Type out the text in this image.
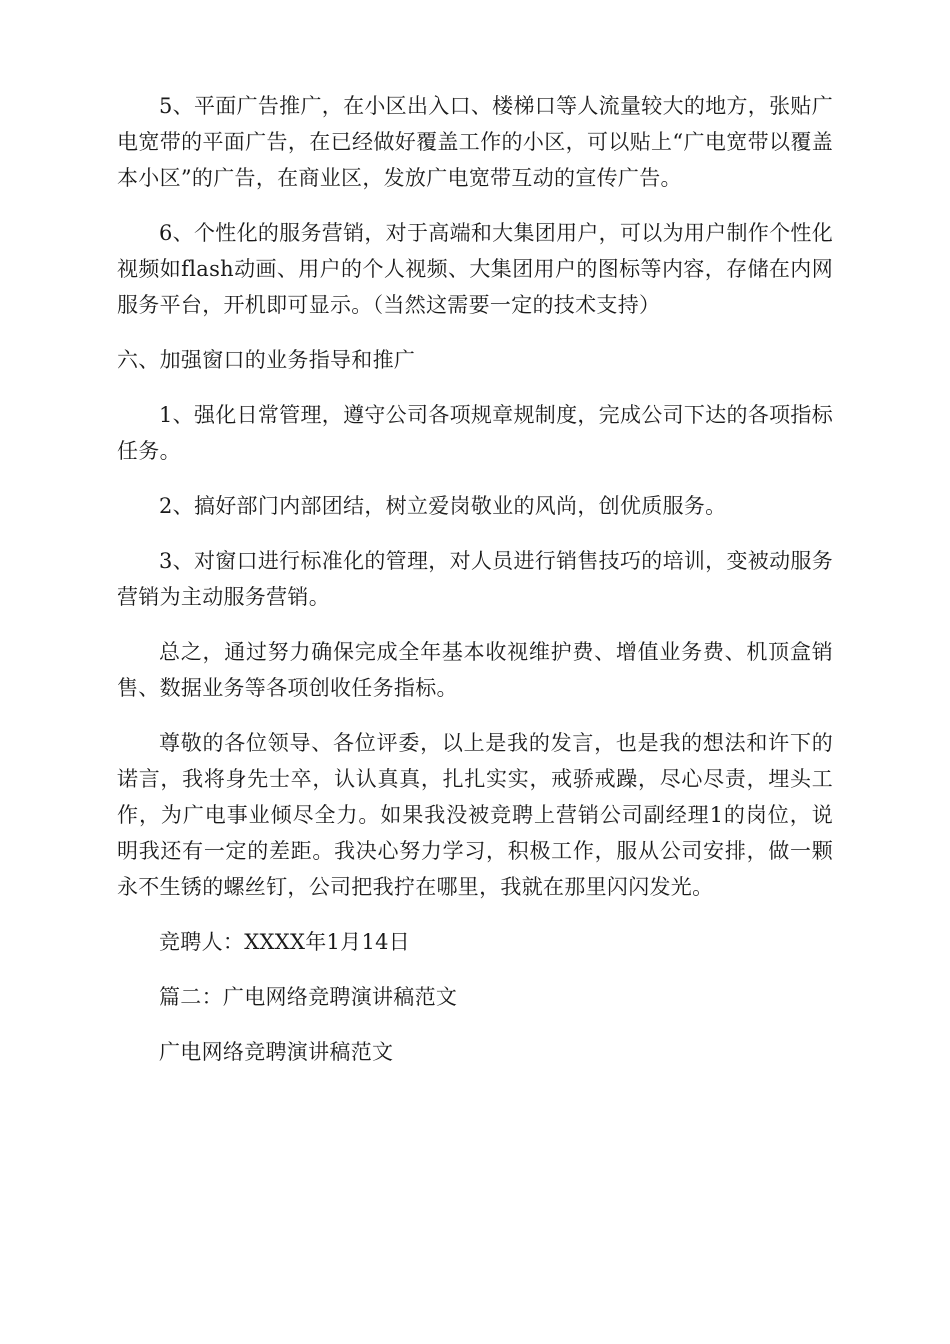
5、平面广告推广，在小区出入口、楼梯口等人流量较大的地方，张贴广电宽带的平面广告，在已经做好覆盖工作的小区，可以贴上“广电宽带以覆盖本小区”的广告，在商业区，发放广电宽带互动的宣传广告。

6、个性化的服务营销，对于高端和大集团用户，可以为用户制作个性化视频如flash动画、用户的个人视频、大集团用户的图标等内容，存储在内网服务平台，开机即可显示。（当然这需要一定的技术支持）

六、加强窗口的业务指导和推广

1、强化日常管理，遵守公司各项规章规制度，完成公司下达的各项指标任务。

2、搞好部门内部团结，树立爱岗敬业的风尚，创优质服务。

3、对窗口进行标准化的管理，对人员进行销售技巧的培训，变被动服务营销为主动服务营销。

总之，通过努力确保完成全年基本收视维护费、增值业务费、机顶盒销售、数据业务等各项创收任务指标。

尊敬的各位领导、各位评委，以上是我的发言，也是我的想法和许下的诺言，我将身先士卒，认认真真，扎扎实实，戒骄戒躁，尽心尽责，埋头工作，为广电事业倾尽全力。如果我没被竞聘上营销公司副经理1的岗位，说明我还有一定的差距。我决心努力学习，积极工作，服从公司安排，做一颗永不生锈的螺丝钉，公司把我拧在哪里，我就在那里闪闪发光。

竞聘人：XXXX年1月14日

篇二：广电网络竞聘演讲稿范文

广电网络竞聘演讲稿范文
